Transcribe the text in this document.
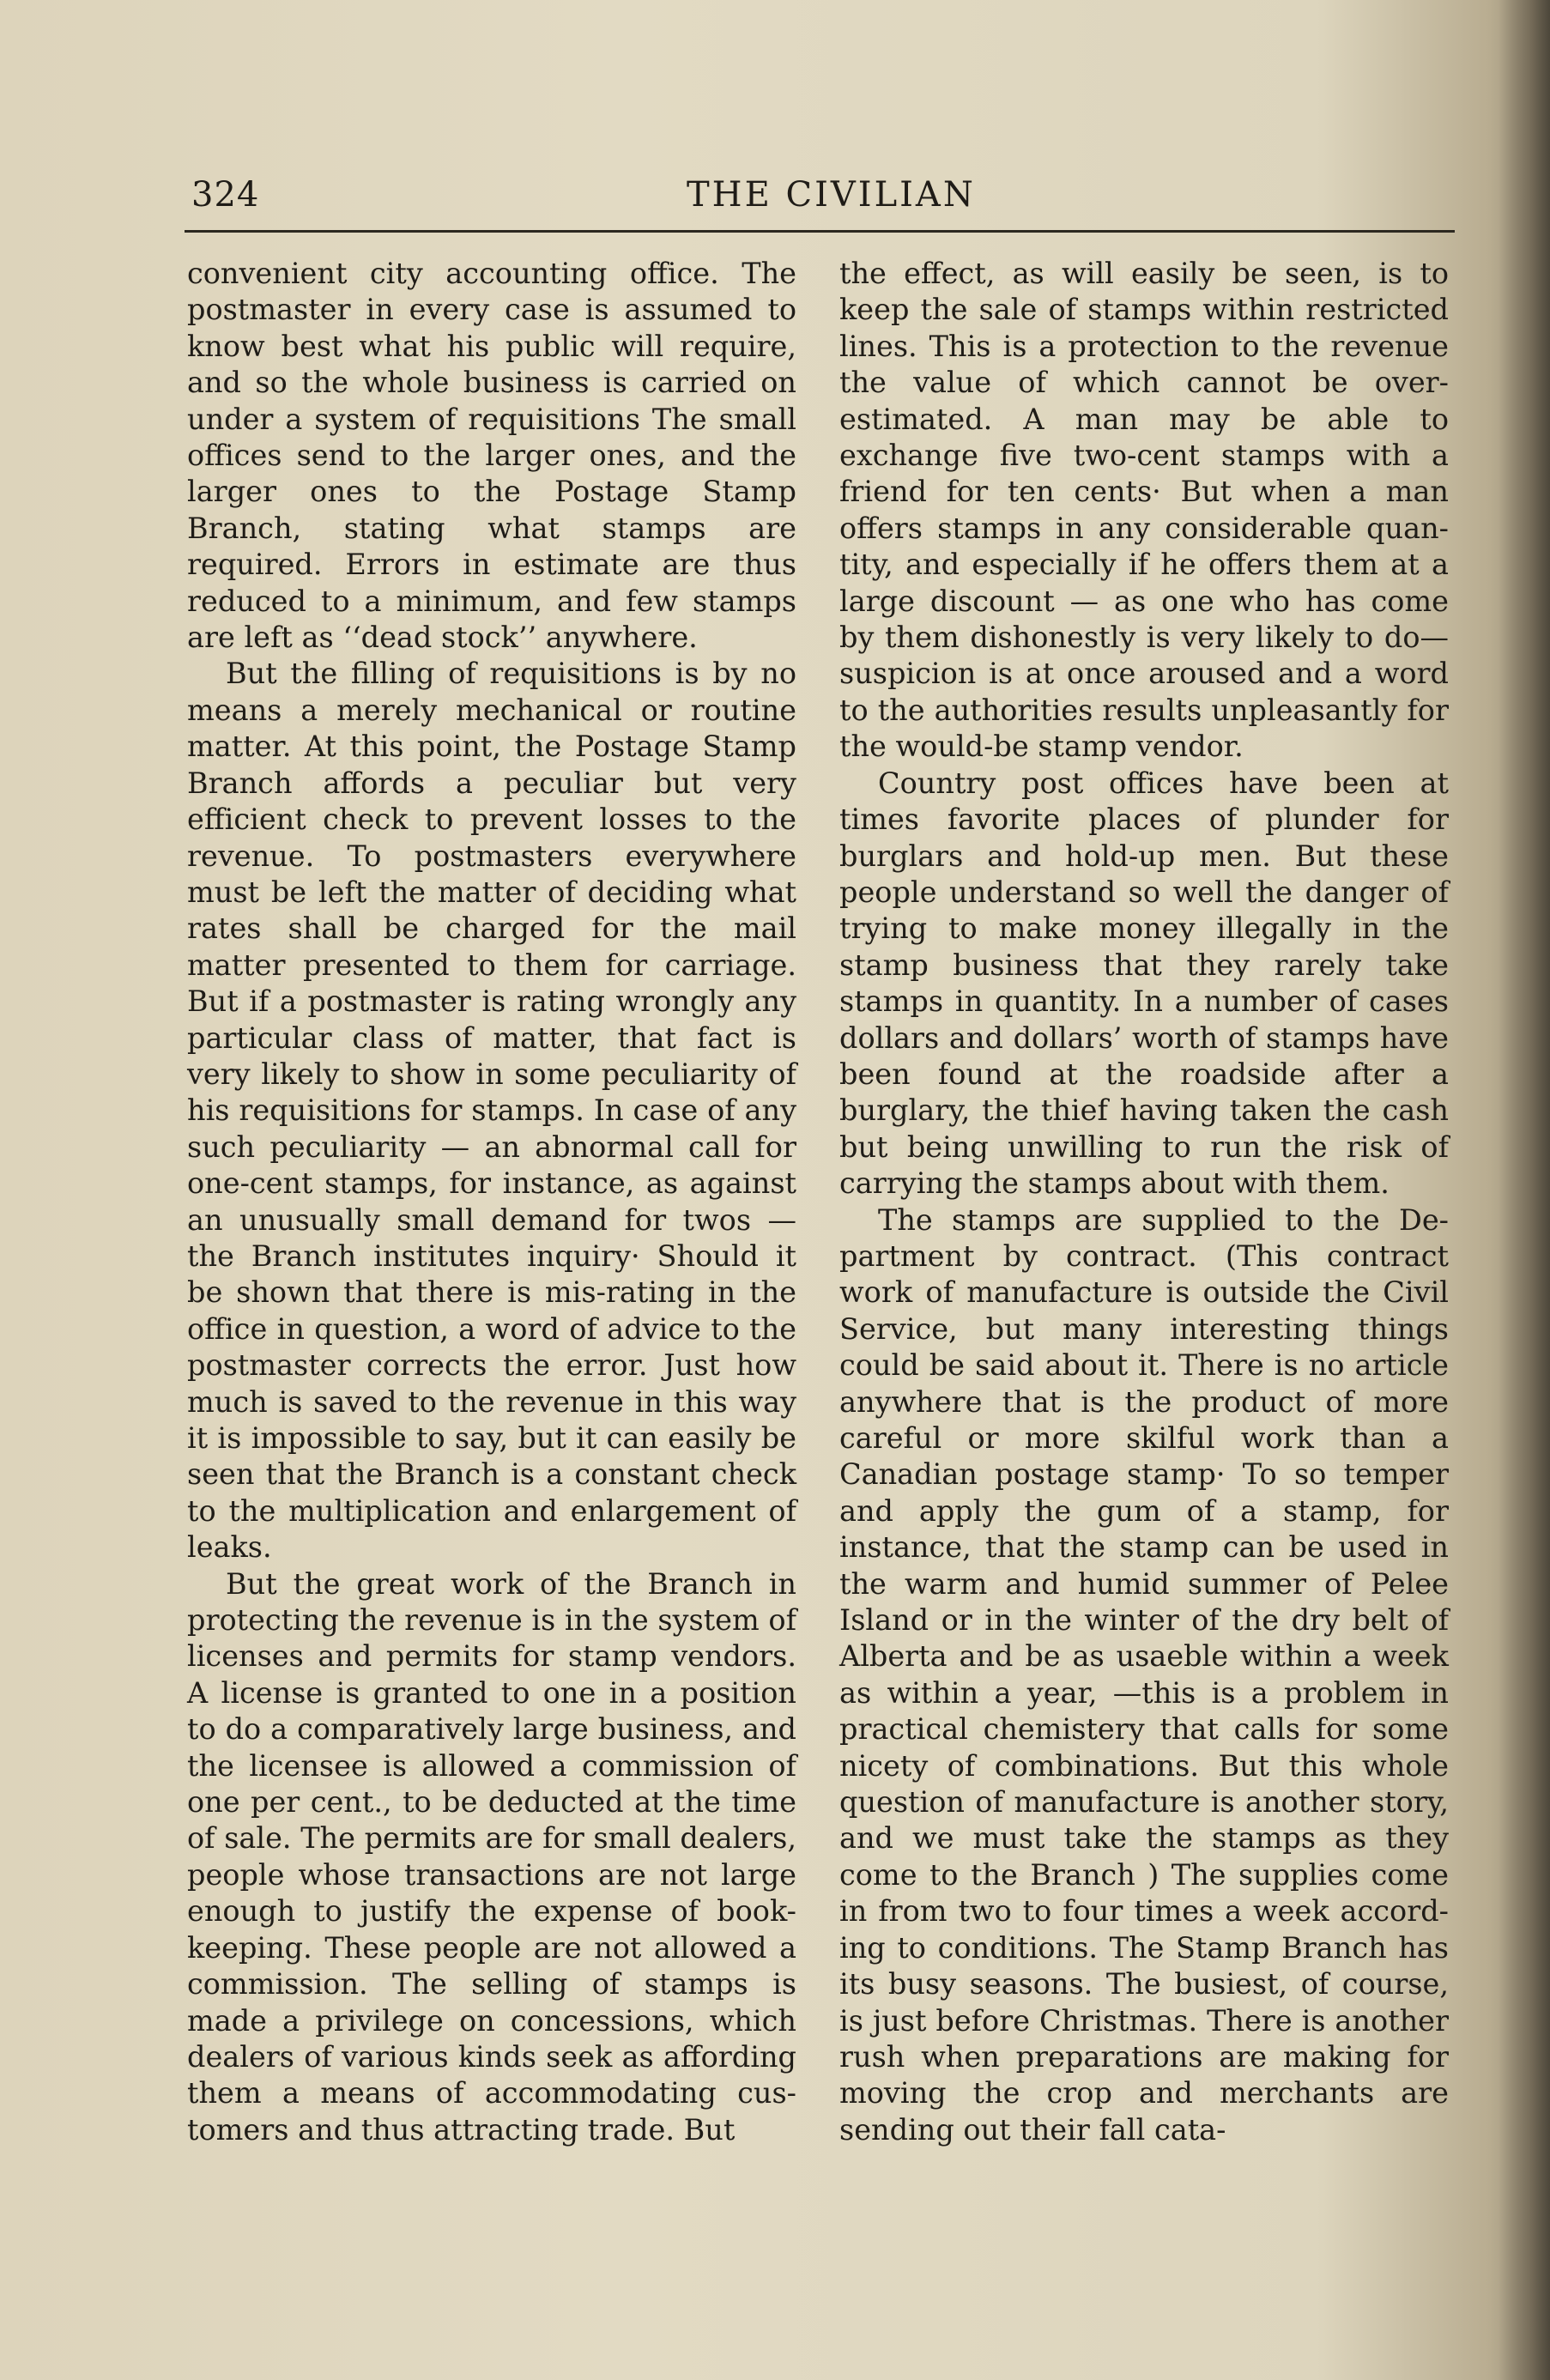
324	THE CIVILIAN

convenient city accounting office. The postmaster in every case is assumed to know best what his public will require, and so the whole business is carried on under a system of requisitions The small offices send to the larger ones, and the larger ones to the Postage Stamp Branch, stating what stamps are required. Errors in estimate are thus reduced to a minimum, and few stamps are left as ‘‘dead stock’’ anywhere.

But the filling of requisitions is by no means a merely mechanical or routine matter. At this point, the Postage Stamp Branch affords a peculiar but very efficient check to prevent losses to the revenue. To postmasters everywhere must be left the matter of deciding what rates shall be charged for the mail matter presented to them for carriage. But if a postmaster is rating wrongly any particular class of matter, that fact is very likely to show in some peculiarity of his requisitions for stamps. In case of any such peculiarity — an abnormal call for one-cent stamps, for instance, as against an unusually small demand for twos — the Branch institutes inquiry· Should it be shown that there is mis-rating in the office in question, a word of advice to the postmaster corrects the error. Just how much is saved to the revenue in this way it is impossible to say, but it can easily be seen that the Branch is a constant check to the multiplication and enlargement of leaks.

But the great work of the Branch in protecting the revenue is in the system of licenses and permits for stamp vendors. A license is granted to one in a position to do a comparatively large business, and the licensee is allowed a commission of one per cent., to be deducted at the time of sale. The permits are for small dealers, people whose transactions are not large enough to justify the expense of book-keeping. These people are not allowed a commission. The selling of stamps is made a privilege on concessions, which dealers of various kinds seek as affording them a means of accommodating customers and thus attracting trade. But

the effect, as will easily be seen, is to keep the sale of stamps within restricted lines. This is a protection to the revenue the value of which cannot be over-estimated. A man may be able to exchange five two-cent stamps with a friend for ten cents· But when a man offers stamps in any considerable quantity, and especially if he offers them at a large discount — as one who has come by them dishonestly is very likely to do— suspicion is at once aroused and a word to the authorities results unpleasantly for the would-be stamp vendor.

Country post offices have been at times favorite places of plunder for burglars and hold-up men. But these people understand so well the danger of trying to make money illegally in the stamp business that they rarely take stamps in quantity. In a number of cases dollars and dollars’ worth of stamps have been found at the roadside after a burglary, the thief having taken the cash but being unwilling to run the risk of carrying the stamps about with them.

The stamps are supplied to the Department by contract. (This contract work of manufacture is outside the Civil Service, but many interesting things could be said about it. There is no article anywhere that is the product of more careful or more skilful work than a Canadian postage stamp· To so temper and apply the gum of a stamp, for instance, that the stamp can be used in the warm and humid summer of Pelee Island or in the winter of the dry belt of Alberta and be as usaeble within a week as within a year, —this is a problem in practical chemistery that calls for some nicety of combinations. But this whole question of manufacture is another story, and we must take the stamps as they come to the Branch ) The supplies come in from two to four times a week according to conditions. The Stamp Branch has its busy seasons. The busiest, of course, is just before Christmas. There is another rush when preparations are making for moving the crop and merchants are sending out their fall cata-
